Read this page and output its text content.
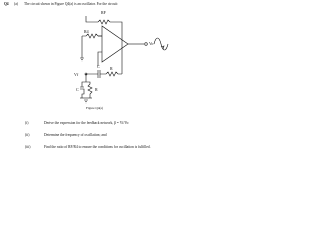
Q4 (a) The circuit shown in Figure Q4(a) is an oscillator. For the circuit:
RF
R4
Vo
R
C
Vf
C	R
Figure Q4(a)
(i)	Derive the expression for the feedback network, β = Vf/Vo
(ii)	Determine the frequency of oscillation; and
(iii)	Find the ratio of RF/R4 to ensure the conditions for oscillation is fulfilled.
